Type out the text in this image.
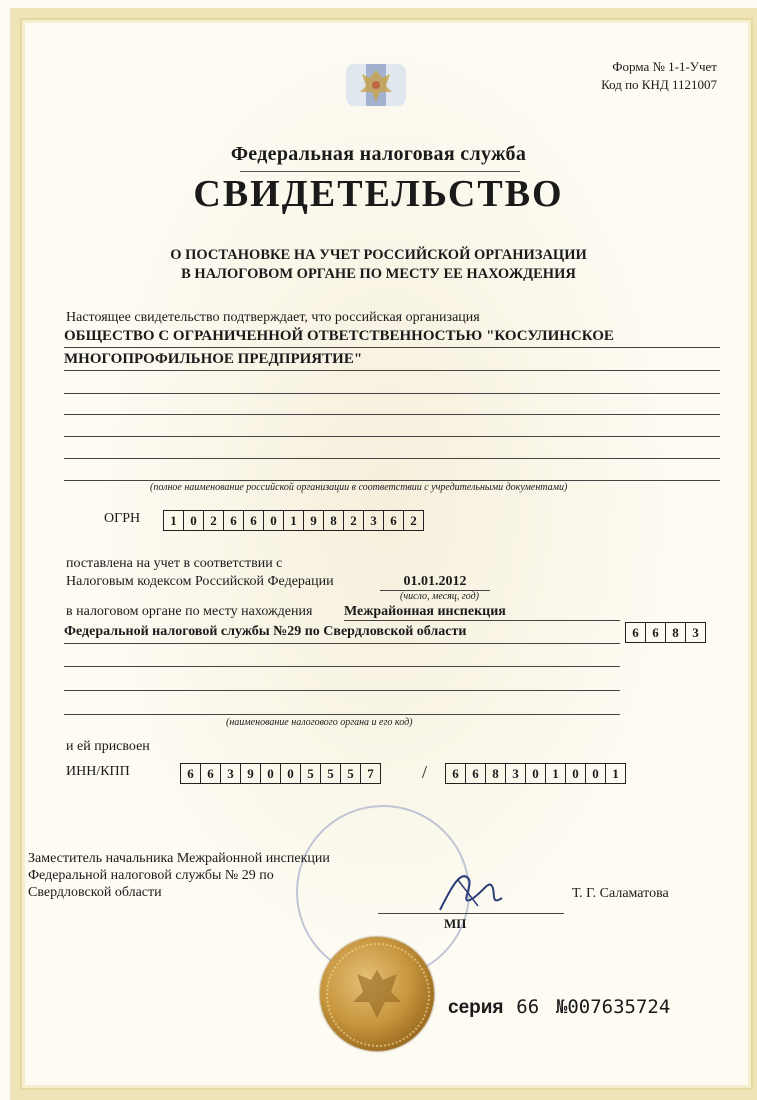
Форма № 1-1-Учет
Код по КНД 1121007
Федеральная налоговая служба
СВИДЕТЕЛЬСТВО
О ПОСТАНОВКЕ НА УЧЕТ РОССИЙСКОЙ ОРГАНИЗАЦИИ
В НАЛОГОВОМ ОРГАНЕ ПО МЕСТУ ЕЕ НАХОЖДЕНИЯ
Настоящее свидетельство подтверждает, что российская организация
ОБЩЕСТВО С ОГРАНИЧЕННОЙ ОТВЕТСТВЕННОСТЬЮ "КОСУЛИНСКОЕ
МНОГОПРОФИЛЬНОЕ ПРЕДПРИЯТИЕ"
(полное наименование российской организации в соответствии с учредительными документами)
ОГРН	1	0	2	6	6	0	1	9	8	2	3	6	2
поставлена на учет в соответствии с
Налоговым кодексом Российской Федерации	01.01.2012
(число, месяц, год)
в налоговом органе по месту нахождения Межрайонная инспекция
Федеральной налоговой службы №29 по Свердловской области	6	6	8	3
(наименование налогового органа и его код)
и ей присвоен
ИНН/КПП	6	6	3	9	0	0	5	5	5	7	/	6	6	8	3	0	1	0	0	1
Заместитель начальника Межрайонной инспекции
Федеральной налоговой службы № 29 по
Свердловской области
МП
Т. Г. Саламатова
серия 66 №007635724
